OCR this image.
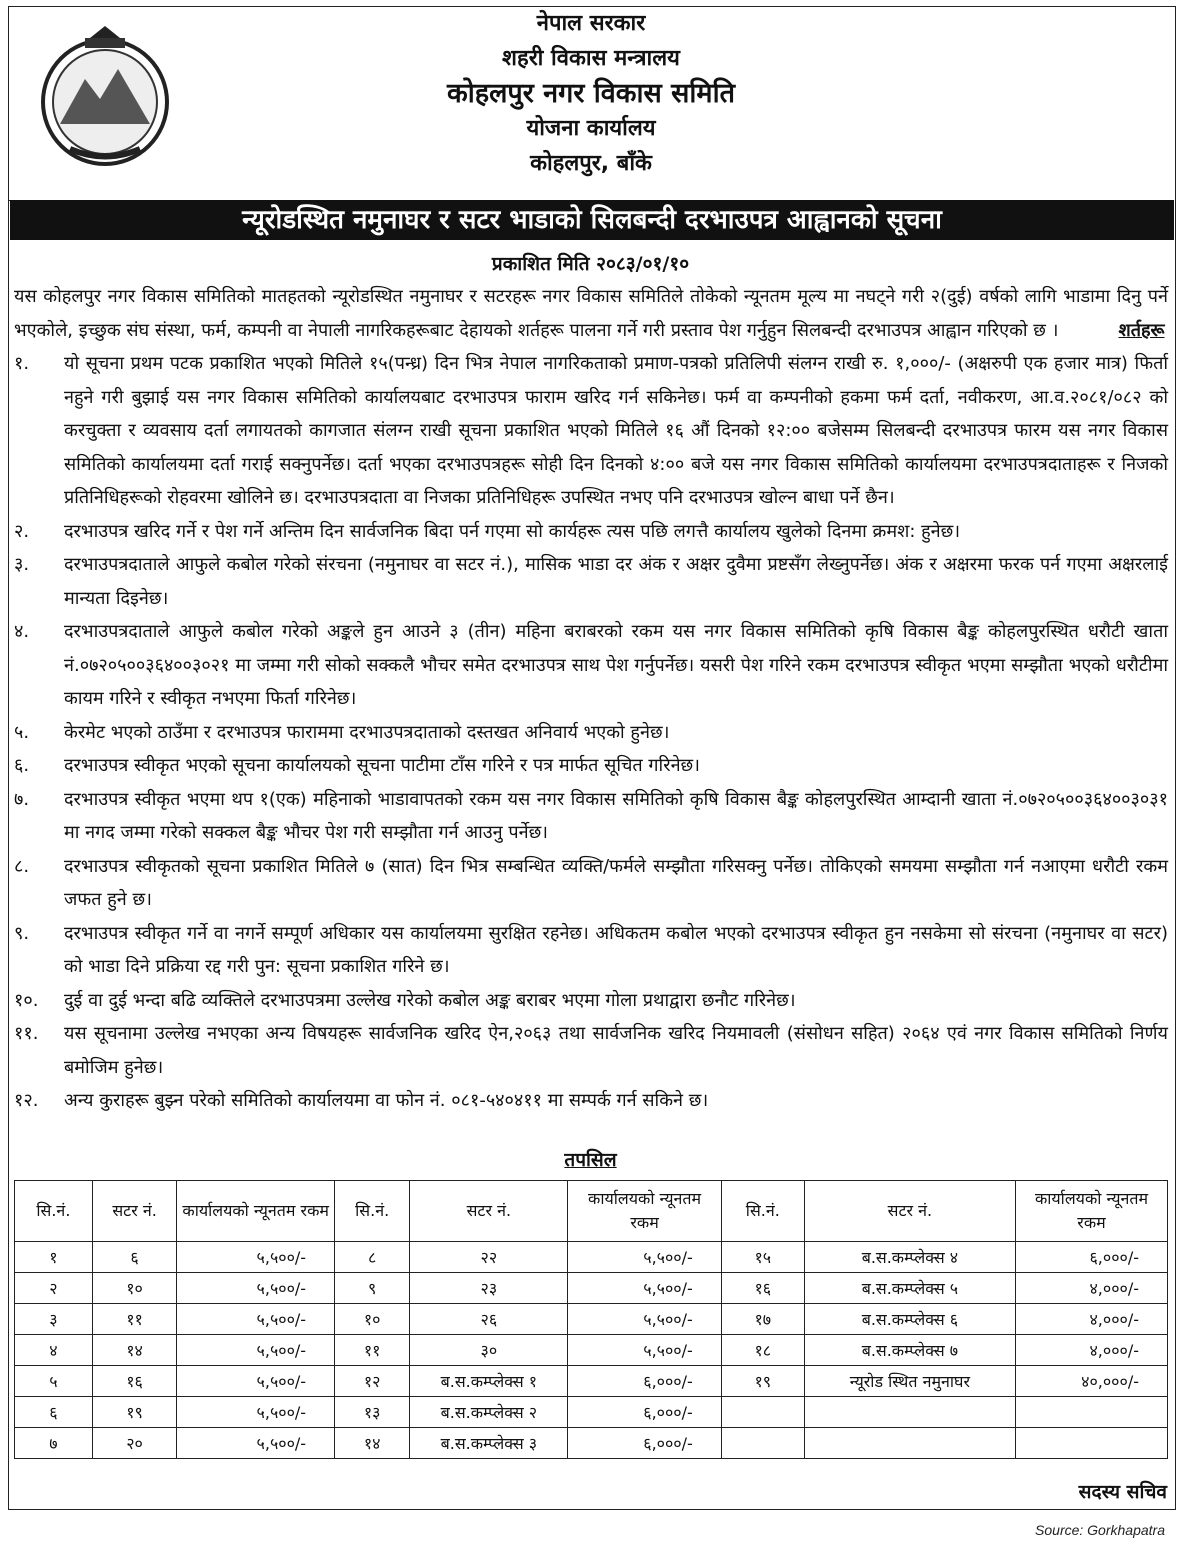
नेपाल सरकार
शहरी विकास मन्त्रालय
कोहलपुर नगर विकास समिति
योजना कार्यालय
कोहलपुर, बाँके
न्यूरोडस्थित नमुनाघर र सटर भाडाको सिलबन्दी दरभाउपत्र आह्वानको सूचना
प्रकाशित मिति २०८३/०१/१०
यस कोहलपुर नगर विकास समितिको मातहतको न्यूरोडस्थित नमुनाघर र सटरहरू नगर विकास समितिले तोकेको न्यूनतम मूल्य मा नघट्ने गरी २(दुई) वर्षको लागि भाडामा दिनु पर्ने भएकोले, इच्छुक संघ संस्था, फर्म, कम्पनी वा नेपाली नागरिकहरूबाट देहायको शर्तहरू पालना गर्ने गरी प्रस्ताव पेश गर्नुहुन सिलबन्दी दरभाउपत्र आह्वान गरिएको छ ।	शर्तहरू
१.	यो सूचना प्रथम पटक प्रकाशित भएको मितिले १५(पन्ध्र) दिन भित्र नेपाल नागरिकताको प्रमाण-पत्रको प्रतिलिपी संलग्न राखी रु. १,०००/- (अक्षरुपी एक हजार मात्र) फिर्ता नहुने गरी बुझाई यस नगर विकास समितिको कार्यालयबाट दरभाउपत्र फाराम खरिद गर्न सकिनेछ। फर्म वा कम्पनीको हकमा फर्म दर्ता, नवीकरण, आ.व.२०८१/०८२ को करचुक्ता र व्यवसाय दर्ता लगायतको कागजात संलग्न राखी सूचना प्रकाशित भएको मितिले १६ औं दिनको १२:०० बजेसम्म सिलबन्दी दरभाउपत्र फारम यस नगर विकास समितिको कार्यालयमा दर्ता गराई सक्नुपर्नेछ। दर्ता भएका दरभाउपत्रहरू सोही दिन दिनको ४:०० बजे यस नगर विकास समितिको कार्यालयमा दरभाउपत्रदाताहरू र निजको प्रतिनिधिहरूको रोहवरमा खोलिने छ। दरभाउपत्रदाता वा निजका प्रतिनिधिहरू उपस्थित नभए पनि दरभाउपत्र खोल्न बाधा पर्ने छैन।
२.	दरभाउपत्र खरिद गर्ने र पेश गर्ने अन्तिम दिन सार्वजनिक बिदा पर्न गएमा सो कार्यहरू त्यस पछि लगत्तै कार्यालय खुलेको दिनमा क्रमश: हुनेछ।
३.	दरभाउपत्रदाताले आफुले कबोल गरेको संरचना (नमुनाघर वा सटर नं.), मासिक भाडा दर अंक र अक्षर दुवैमा प्रष्टसँग लेख्नुपर्नेछ। अंक र अक्षरमा फरक पर्न गएमा अक्षरलाई मान्यता दिइनेछ।
४.	दरभाउपत्रदाताले आफुले कबोल गरेको अङ्कले हुन आउने ३ (तीन) महिना बराबरको रकम यस नगर विकास समितिको कृषि विकास बैङ्क कोहलपुरस्थित धरौटी खाता नं.०७२०५००३६४००३०२१ मा जम्मा गरी सोको सक्कलै भौचर समेत दरभाउपत्र साथ पेश गर्नुपर्नेछ। यसरी पेश गरिने रकम दरभाउपत्र स्वीकृत भएमा सम्झौता भएको धरौटीमा कायम गरिने र स्वीकृत नभएमा फिर्ता गरिनेछ।
५.	केरमेट भएको ठाउँमा र दरभाउपत्र फाराममा दरभाउपत्रदाताको दस्तखत अनिवार्य भएको हुनेछ।
६.	दरभाउपत्र स्वीकृत भएको सूचना कार्यालयको सूचना पाटीमा टाँस गरिने र पत्र मार्फत सूचित गरिनेछ।
७.	दरभाउपत्र स्वीकृत भएमा थप १(एक) महिनाको भाडावापतको रकम यस नगर विकास समितिको कृषि विकास बैङ्क कोहलपुरस्थित आम्दानी खाता नं.०७२०५००३६४००३०३१ मा नगद जम्मा गरेको सक्कल बैङ्क भौचर पेश गरी सम्झौता गर्न आउनु पर्नेछ।
८.	दरभाउपत्र स्वीकृतको सूचना प्रकाशित मितिले ७ (सात) दिन भित्र सम्बन्धित व्यक्ति/फर्मले सम्झौता गरिसक्नु पर्नेछ। तोकिएको समयमा सम्झौता गर्न नआएमा धरौटी रकम जफत हुने छ।
९.	दरभाउपत्र स्वीकृत गर्ने वा नगर्ने सम्पूर्ण अधिकार यस कार्यालयमा सुरक्षित रहनेछ। अधिकतम कबोल भएको दरभाउपत्र स्वीकृत हुन नसकेमा सो संरचना (नमुनाघर वा सटर) को भाडा दिने प्रक्रिया रद्द गरी पुन: सूचना प्रकाशित गरिने छ।
१०.	दुई वा दुई भन्दा बढि व्यक्तिले दरभाउपत्रमा उल्लेख गरेको कबोल अङ्क बराबर भएमा गोला प्रथाद्वारा छनौट गरिनेछ।
११.	यस सूचनामा उल्लेख नभएका अन्य विषयहरू सार्वजनिक खरिद ऐन,२०६३ तथा सार्वजनिक खरिद नियमावली (संसोधन सहित) २०६४ एवं नगर विकास समितिको निर्णय बमोजिम हुनेछ।
१२.	अन्य कुराहरू बुझ्न परेको समितिको कार्यालयमा वा फोन नं. ०८१-५४०४११ मा सम्पर्क गर्न सकिने छ।
तपसिल
सि.नं.	सटर नं.	कार्यालयको न्यूनतम रकम	सि.नं.	सटर नं.	कार्यालयको न्यूनतम रकम	सि.नं.	सटर नं.	कार्यालयको न्यूनतम रकम
१	६	५,५००/-	८	२२	५,५००/-	१५	ब.स.कम्प्लेक्स ४	६,०००/-
२	१०	५,५००/-	९	२३	५,५००/-	१६	ब.स.कम्प्लेक्स ५	४,०००/-
३	११	५,५००/-	१०	२६	५,५००/-	१७	ब.स.कम्प्लेक्स ६	४,०००/-
४	१४	५,५००/-	११	३०	५,५००/-	१८	ब.स.कम्प्लेक्स ७	४,०००/-
५	१६	५,५००/-	१२	ब.स.कम्प्लेक्स १	६,०००/-	१९	न्यूरोड स्थित नमुनाघर	४०,०००/-
६	१९	५,५००/-	१३	ब.स.कम्प्लेक्स २	६,०००/-			
७	२०	५,५००/-	१४	ब.स.कम्प्लेक्स ३	६,०००/-			
सदस्य सचिव
Source: Gorkhapatra
